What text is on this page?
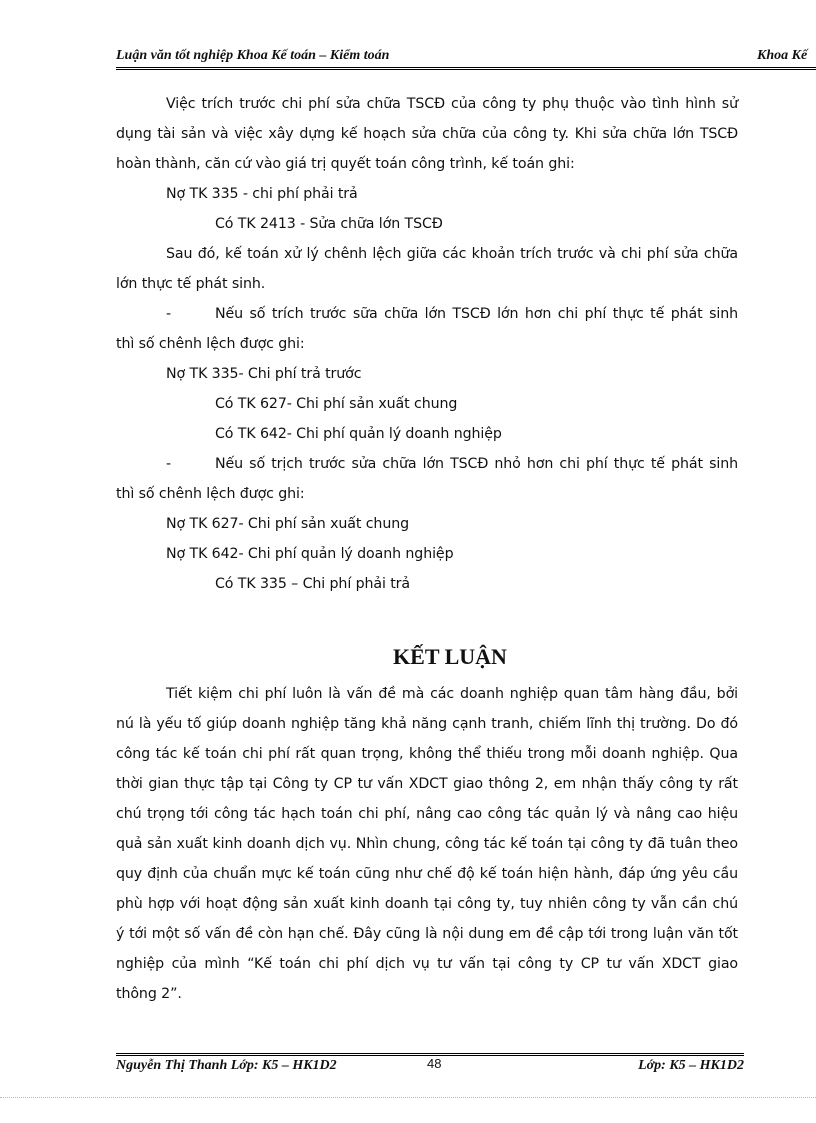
Luận văn tốt nghiệp Khoa Kế toán – Kiểm toán	Khoa Kế
Việc trích trước chi phí sửa chữa TSCĐ của công ty phụ thuộc vào tình hình sử
dụng tài sản và việc xây dựng kế hoạch sửa chữa của công ty. Khi sửa chữa lớn TSCĐ
hoàn thành, căn cứ vào giá trị quyết toán công trình, kế toán ghi:
Nợ TK 335 - chi phí phải trả
Có TK 2413 - Sửa chữa lớn TSCĐ
Sau đó, kế toán xử lý chênh lệch giữa các khoản trích trước và chi phí sửa chữa
lớn thực tế phát sinh.
-	Nếu số trích trước sữa chữa lớn TSCĐ lớn hơn chi phí thực tế phát sinh
thì số chênh lệch được ghi:
Nợ TK 335- Chi phí trả trước
Có TK 627- Chi phí sản xuất chung
Có TK 642- Chi phí quản lý doanh nghiệp
-	Nếu số trịch trước sửa chữa lớn TSCĐ nhỏ hơn chi phí thực tế phát sinh
thì số chênh lệch được ghi:
Nợ TK 627- Chi phí sản xuất chung
Nợ TK 642- Chi phí quản lý doanh nghiệp
Có TK 335 – Chi phí phải trả
KẾT LUẬN
Tiết kiệm chi phí luôn là vấn đề mà các doanh nghiệp quan tâm hàng đầu, bởi
nú là yếu tố giúp doanh nghiệp tăng khả năng cạnh tranh, chiếm lĩnh thị trường. Do đó
công tác kế toán chi phí rất quan trọng, không thể thiếu trong mỗi doanh nghiệp. Qua
thời gian thực tập tại Công ty CP tư vấn XDCT giao thông 2, em nhận thấy công ty rất
chú trọng tới công tác hạch toán chi phí, nâng cao công tác quản lý và nâng cao hiệu
quả sản xuất kinh doanh dịch vụ. Nhìn chung, công tác kế toán tại công ty đã tuân theo
quy định của chuẩn mực kế toán cũng như chế độ kế toán hiện hành, đáp ứng yêu cầu
phù hợp với hoạt động sản xuất kinh doanh tại công ty, tuy nhiên công ty vẫn cần chú
ý tới một số vấn đề còn hạn chế. Đây cũng là nội dung em đề cập tới trong luận văn tốt
nghiệp của mình “Kế toán chi phí dịch vụ tư vấn tại công ty CP tư vấn XDCT giao
thông 2”.
Nguyễn Thị Thanh Lớp: K5 – HK1D2	48	Lớp: K5 – HK1D2
